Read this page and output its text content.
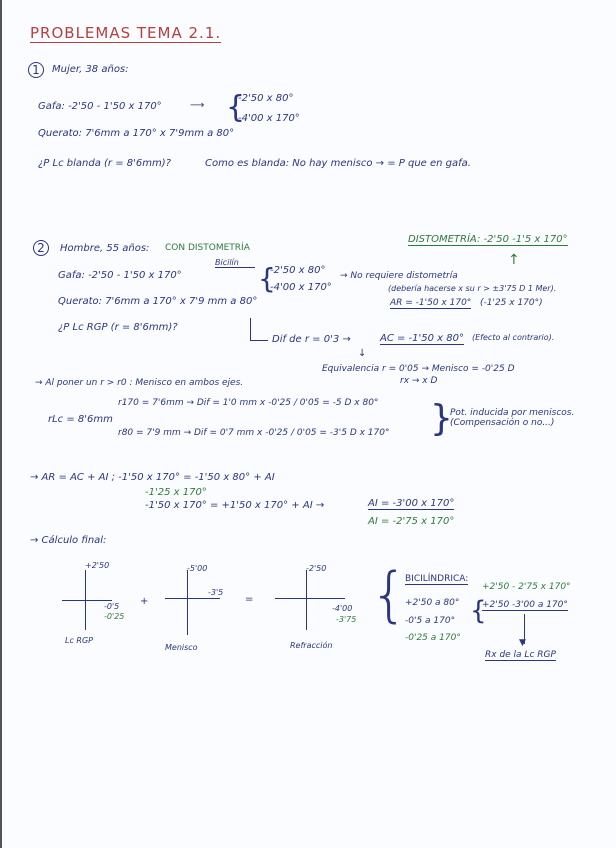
PROBLEMAS TEMA 2.1.
1	Mujer, 38 años:
Gafa: -2'50 - 1'50 x 170°	⟶ {
-2'50 x 80°
-4'00 x 170°
Querato: 7'6mm a 170° x 7'9mm a 80°
¿P Lc blanda (r = 8'6mm)?	Como es blanda: No hay menisco → = P que en gafa.
2	Hombre, 55 años: CON DISTOMETRÍA
DISTOMETRÍA: -2'50 -1'5 x 170°
↑
Gafa: -2'50 - 1'50 x 170°
Bicilín {
-2'50 x 80°
-4'00 x 170°
→ No requiere distometría
(debería hacerse x su r > ±3'75 D 1 Mer).
AR = -1'50 x 170° (-1'25 x 170°)
Querato: 7'6mm a 170° x 7'9 mm a 80°
¿P Lc RGP (r = 8'6mm)?
Dif de r = 0'3 →	AC = -1'50 x 80° (Efecto al contrario).
↓
Equivalencia r = 0'05 → Menisco = -0'25 D
rx → x D
→ Al poner un r > r0 : Menisco en ambos ejes.
rLc = 8'6mm
r170 = 7'6mm → Dif = 1'0 mm x -0'25 / 0'05 = -5 D x 80°
r80 = 7'9 mm → Dif = 0'7 mm x -0'25 / 0'05 = -3'5 D x 170° }
Pot. inducida por meniscos. (Compensación o no...)
→ AR = AC + AI ; -1'50 x 170° = -1'50 x 80° + AI
-1'25 x 170°
-1'50 x 170° = +1'50 x 170° + AI →	AI = -3'00 x 170°
AI = -2'75 x 170°
→ Cálculo final:
+2'50
-0'5
-0'25
Lc RGP
+
-5'00
-3'5
Menisco
=
-2'50
-4'00
-3'75
Refracción
{
BICILÍNDRICA:
+2'50 a 80°
-0'5 a 170°
-0'25 a 170°
{
+2'50 - 2'75 x 170°
+2'50 -3'00 a 170°
▼
Rx de la Lc RGP
